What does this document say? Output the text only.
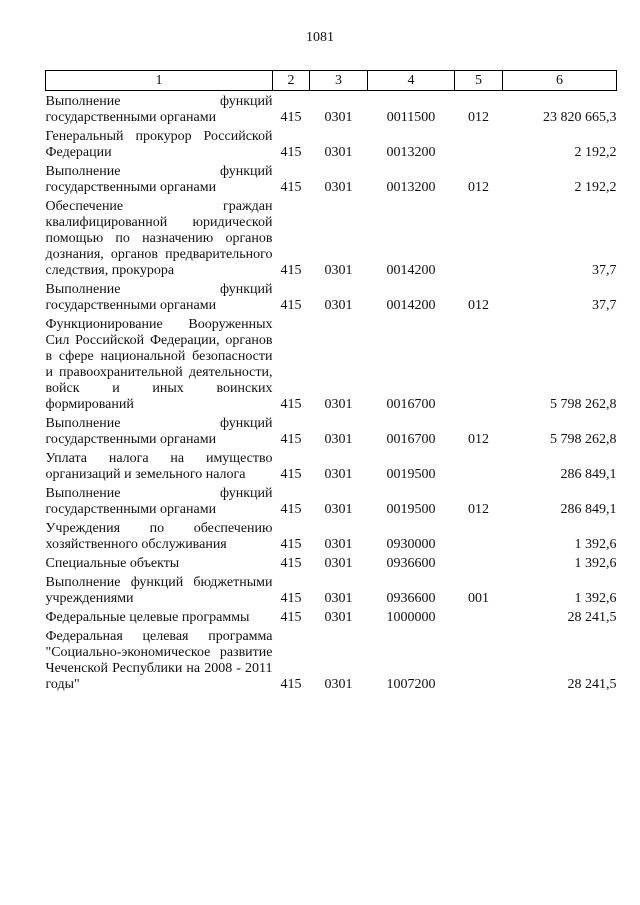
1081
1	2	3	4	5	6

Выполнение функций государственными органами	415	0301	0011500	012	23 820 665,3

Генеральный прокурор Российской Федерации	415	0301	0013200		2 192,2

Выполнение функций государственными органами	415	0301	0013200	012	2 192,2

Обеспечение граждан квалифицированной юридической помощью по назначению органов дознания, органов предварительного следствия, прокурора	415	0301	0014200		37,7

Выполнение функций государственными органами	415	0301	0014200	012	37,7

Функционирование Вооруженных Сил Российской Федерации, органов в сфере национальной безопасности и правоохранительной деятельности, войск и иных воинских формирований	415	0301	0016700		5 798 262,8

Выполнение функций государственными органами	415	0301	0016700	012	5 798 262,8

Уплата налога на имущество организаций и земельного налога	415	0301	0019500		286 849,1

Выполнение функций государственными органами	415	0301	0019500	012	286 849,1

Учреждения по обеспечению хозяйственного обслуживания	415	0301	0930000		1 392,6

Специальные объекты	415	0301	0936600		1 392,6

Выполнение функций бюджетными учреждениями	415	0301	0936600	001	1 392,6

Федеральные целевые программы	415	0301	1000000		28 241,5

Федеральная целевая программа "Социально-экономическое развитие Чеченской Республики на 2008 - 2011 годы"	415	0301	1007200		28 241,5
